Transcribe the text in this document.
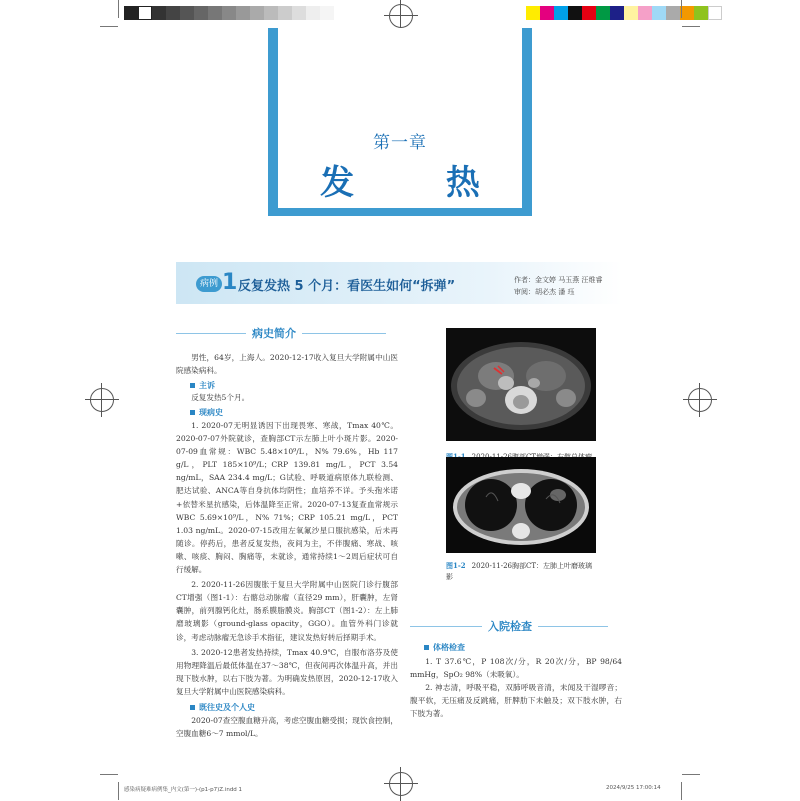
第一章
发 热
病例 1 反复发热 5 个月：看医生如何“拆弹”	作者：金文婷 马玉燕 汪维睿
审阅：胡必杰 潘 珏
病史简介

男性，64岁，上海人。2020-12-17收入复旦大学附属中山医院感染病科。

主诉

反复发热5个月。

现病史

1. 2020-07无明显诱因下出现畏寒、寒战，Tmax 40℃。2020-07-07外院就诊，查胸部CT示左肺上叶小斑片影。2020-07-09血常规：WBC 5.48×10⁹/L，N% 79.6%，Hb 117 g/L，PLT 185×10⁹/L；CRP 139.81 mg/L，PCT 3.54 ng/mL，SAA 234.4 mg/L；G试验、呼吸道病原体九联检测、肥达试验、ANCA等自身抗体均阴性；血培养不详。予头孢米诺+依替米星抗感染，后体温降至正常。2020-07-13复查血常规示WBC 5.69×10⁹/L，N% 71%；CRP 105.21 mg/L，PCT 1.03 ng/mL。2020-07-15改用左氧氟沙星口服抗感染，后未再随诊。停药后，患者反复发热，夜间为主，不伴腹痛、寒战、咳嗽、咳痰、胸闷、胸痛等，未就诊，通常持续1～2周后症状可自行缓解。

2. 2020-11-26因腹胀于复旦大学附属中山医院门诊行腹部CT增强（图1-1）：右髂总动脉瘤（直径29 mm），肝囊肿，左肾囊肿，前列腺钙化灶，肠系膜脂膜炎。胸部CT（图1-2）：左上肺磨玻璃影（ground-glass opacity，GGO）。血管外科门诊就诊，考虑动脉瘤无急诊手术指征，建议发热好转后择期手术。

3. 2020-12患者发热持续，Tmax 40.9℃，自服布洛芬及使用物理降温后最低体温在37～38℃，但夜间再次体温升高，并出现下肢水肿，以右下肢为著。为明确发热原因，2020-12-17收入复旦大学附属中山医院感染病科。

既往史及个人史

2020-07查空腹血糖升高，考虑空腹血糖受损；现饮食控制，空腹血糖6～7 mmol/L。

图1-2 2020-11-26胸部CT：左肺上叶磨玻璃影
入院检查
体格检查

1. T 37.6℃，P 108次/分，R 20次/分，BP 98/64 mmHg，SpO₂ 98%（未吸氧）。

2. 神志清，呼吸平稳，双肺呼吸音清，未闻及干湿啰音；腹平软，无压痛及反跳痛，肝脾肋下未触及；双下肢水肿，右下肢为著。

感染病疑难病例集_内文(第一)-(p1-p7)Z.indd 1	2024/9/25 17:00:14
